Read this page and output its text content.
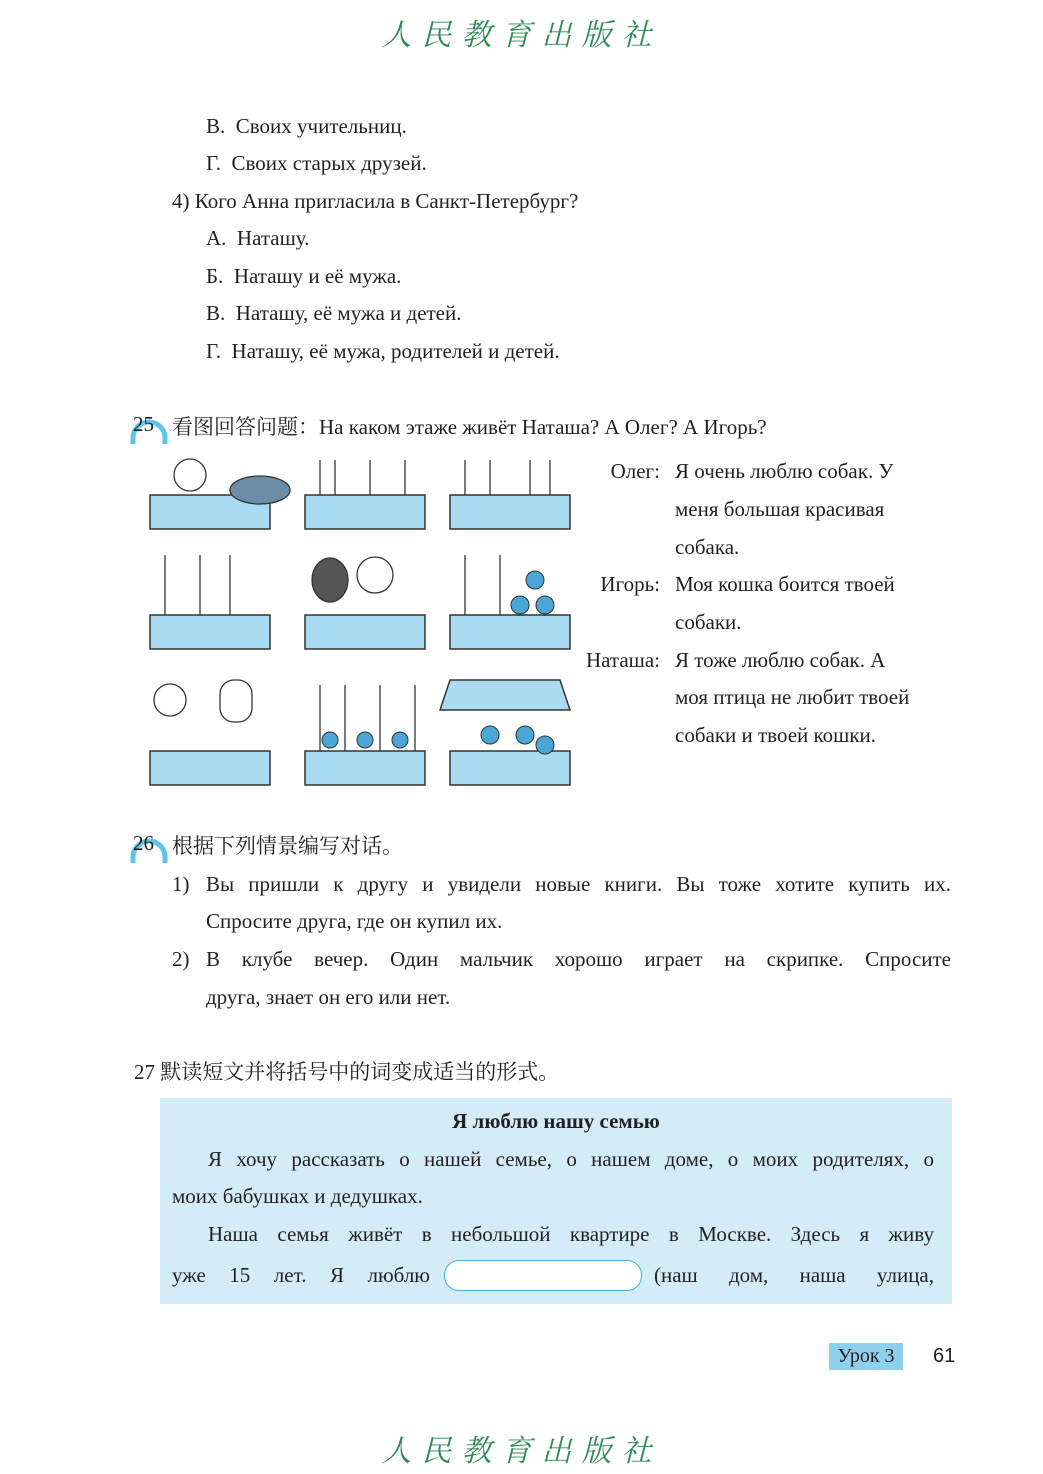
人民教育出版社
В. Своих учительниц.
Г. Своих старых друзей.
4) Кого Анна пригласила в Санкт-Петербург?
А. Наташу.
Б. Наташу и её мужа.
В. Наташу, её мужа и детей.
Г. Наташу, её мужа, родителей и детей.
25 看图回答问题：На каком этаже живёт Наташа? А Олег? А Игорь?
Олег: Я очень люблю собак. У
меня большая красивая
собака.
Игорь: Моя кошка боится твоей
собаки.
Наташа: Я тоже люблю собак. А
моя птица не любит твоей
собаки и твоей кошки.
26 根据下列情景编写对话。
1) Вы пришли к другу и увидели новые книги. Вы тоже хотите купить их.
Спросите друга, где он купил их.
2) В клубе вечер. Один мальчик хорошо играет на скрипке. Спросите
друга, знает он его или нет.
27 默读短文并将括号中的词变成适当的形式。
Я люблю нашу семью
Я хочу рассказать о нашей семье, о нашем доме, о моих родителях, о
моих бабушках и дедушках.
Наша семья живёт в небольшой квартире в Москве. Здесь я живу
уже 15 лет. Я люблю	(наш дом, наша улица,
Урок 3	61
人民教育出版社
